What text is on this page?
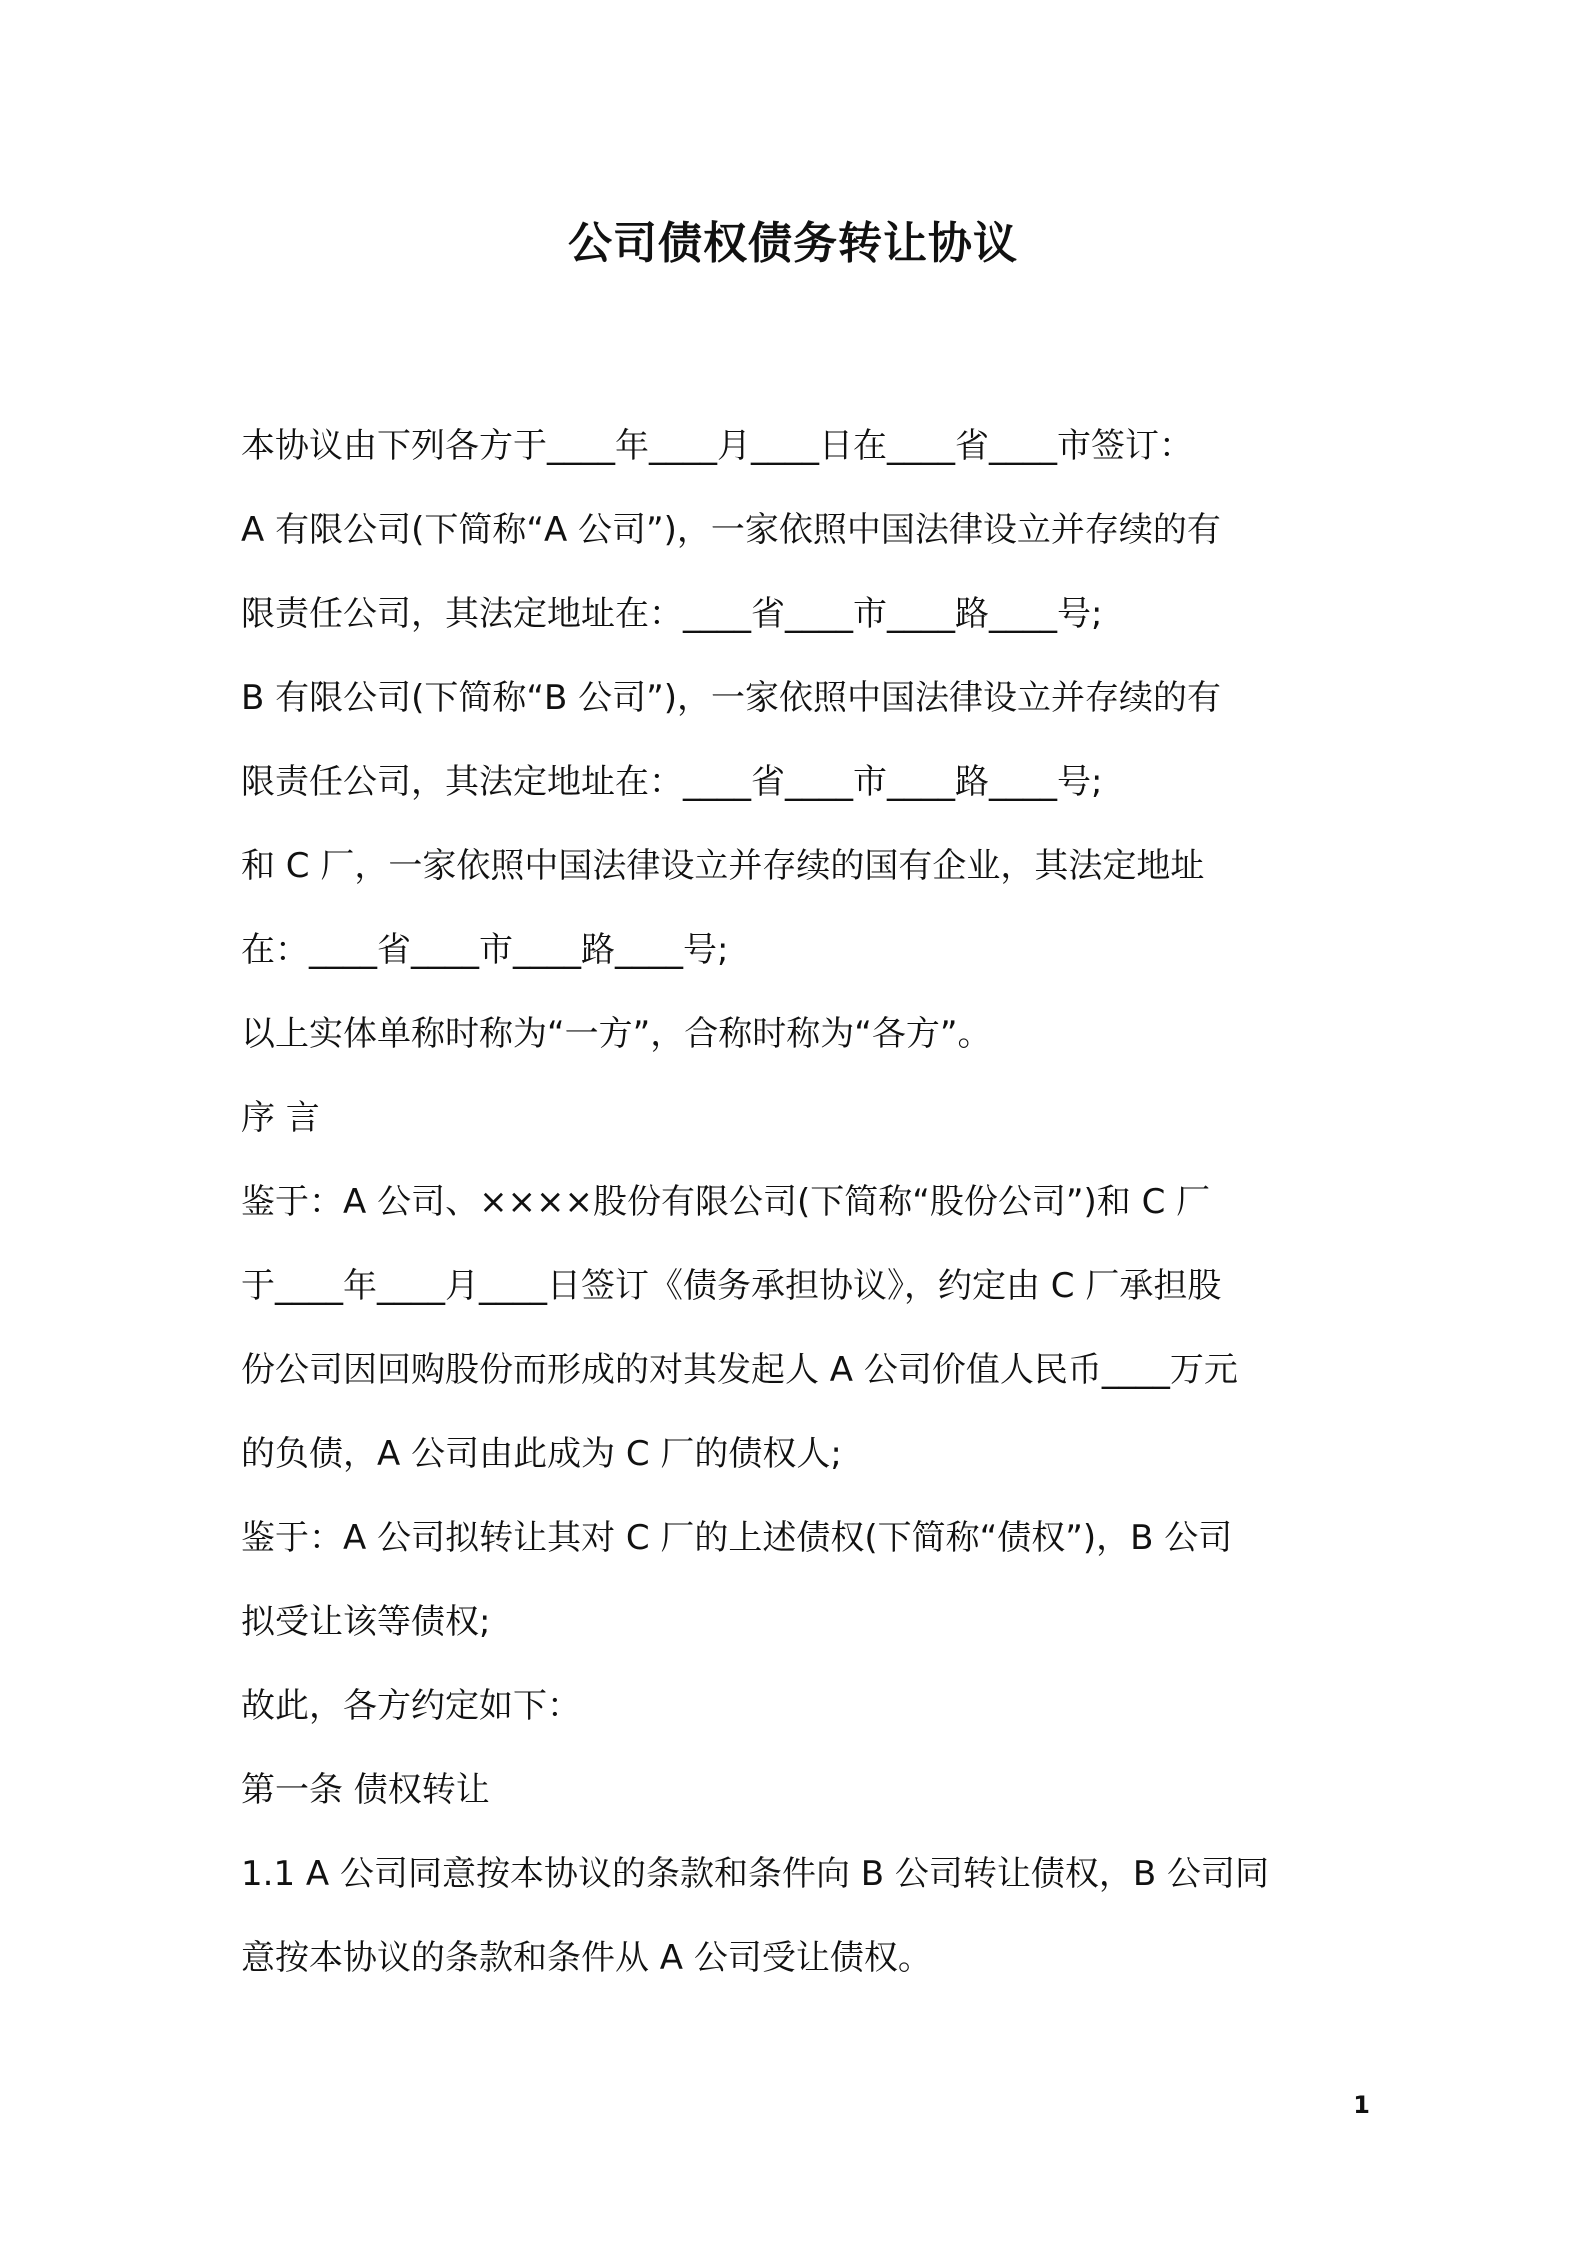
公司债权债务转让协议
本协议由下列各方于____年____月____日在____省____市签订：
A 有限公司(下简称“A 公司”)，一家依照中国法律设立并存续的有
限责任公司，其法定地址在：____省____市____路____号;
B 有限公司(下简称“B 公司”)，一家依照中国法律设立并存续的有
限责任公司，其法定地址在：____省____市____路____号;
和 C 厂，一家依照中国法律设立并存续的国有企业，其法定地址
在：____省____市____路____号;
以上实体单称时称为“一方”，合称时称为“各方”。
序 言
鉴于：A 公司、××××股份有限公司(下简称“股份公司”)和 C 厂
于____年____月____日签订《债务承担协议》，约定由 C 厂承担股
份公司因回购股份而形成的对其发起人 A 公司价值人民币____万元
的负债，A 公司由此成为 C 厂的债权人;
鉴于：A 公司拟转让其对 C 厂的上述债权(下简称“债权”)，B 公司
拟受让该等债权;
故此，各方约定如下：
第一条 债权转让
1.1 A 公司同意按本协议的条款和条件向 B 公司转让债权，B 公司同
意按本协议的条款和条件从 A 公司受让债权。
1
